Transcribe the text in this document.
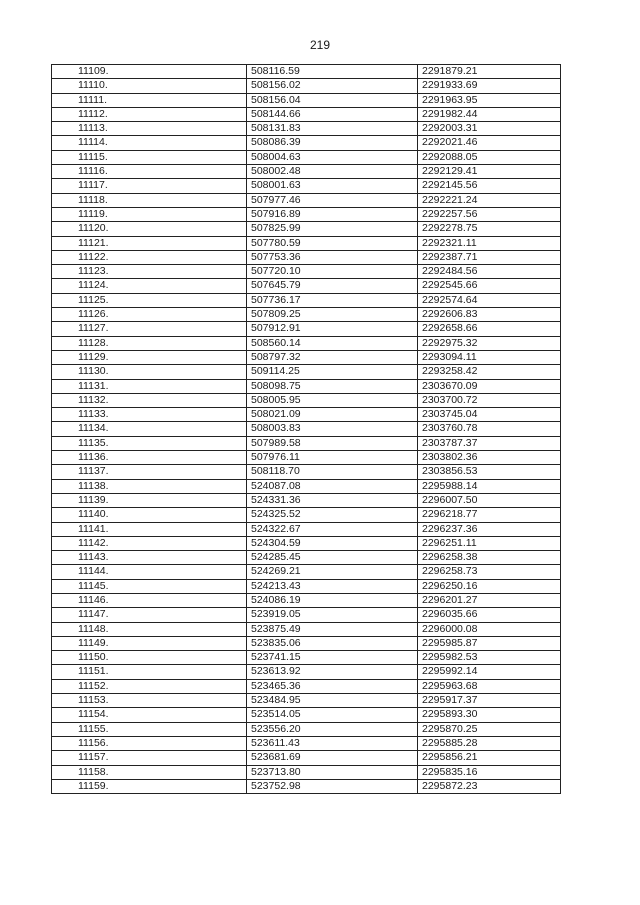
219
11109.	508116.59	2291879.21
11110.	508156.02	2291933.69
11111.	508156.04	2291963.95
11112.	508144.66	2291982.44
11113.	508131.83	2292003.31
11114.	508086.39	2292021.46
11115.	508004.63	2292088.05
11116.	508002.48	2292129.41
11117.	508001.63	2292145.56
11118.	507977.46	2292221.24
11119.	507916.89	2292257.56
11120.	507825.99	2292278.75
11121.	507780.59	2292321.11
11122.	507753.36	2292387.71
11123.	507720.10	2292484.56
11124.	507645.79	2292545.66
11125.	507736.17	2292574.64
11126.	507809.25	2292606.83
11127.	507912.91	2292658.66
11128.	508560.14	2292975.32
11129.	508797.32	2293094.11
11130.	509114.25	2293258.42
11131.	508098.75	2303670.09
11132.	508005.95	2303700.72
11133.	508021.09	2303745.04
11134.	508003.83	2303760.78
11135.	507989.58	2303787.37
11136.	507976.11	2303802.36
11137.	508118.70	2303856.53
11138.	524087.08	2295988.14
11139.	524331.36	2296007.50
11140.	524325.52	2296218.77
11141.	524322.67	2296237.36
11142.	524304.59	2296251.11
11143.	524285.45	2296258.38
11144.	524269.21	2296258.73
11145.	524213.43	2296250.16
11146.	524086.19	2296201.27
11147.	523919.05	2296035.66
11148.	523875.49	2296000.08
11149.	523835.06	2295985.87
11150.	523741.15	2295982.53
11151.	523613.92	2295992.14
11152.	523465.36	2295963.68
11153.	523484.95	2295917.37
11154.	523514.05	2295893.30
11155.	523556.20	2295870.25
11156.	523611.43	2295885.28
11157.	523681.69	2295856.21
11158.	523713.80	2295835.16
11159.	523752.98	2295872.23
